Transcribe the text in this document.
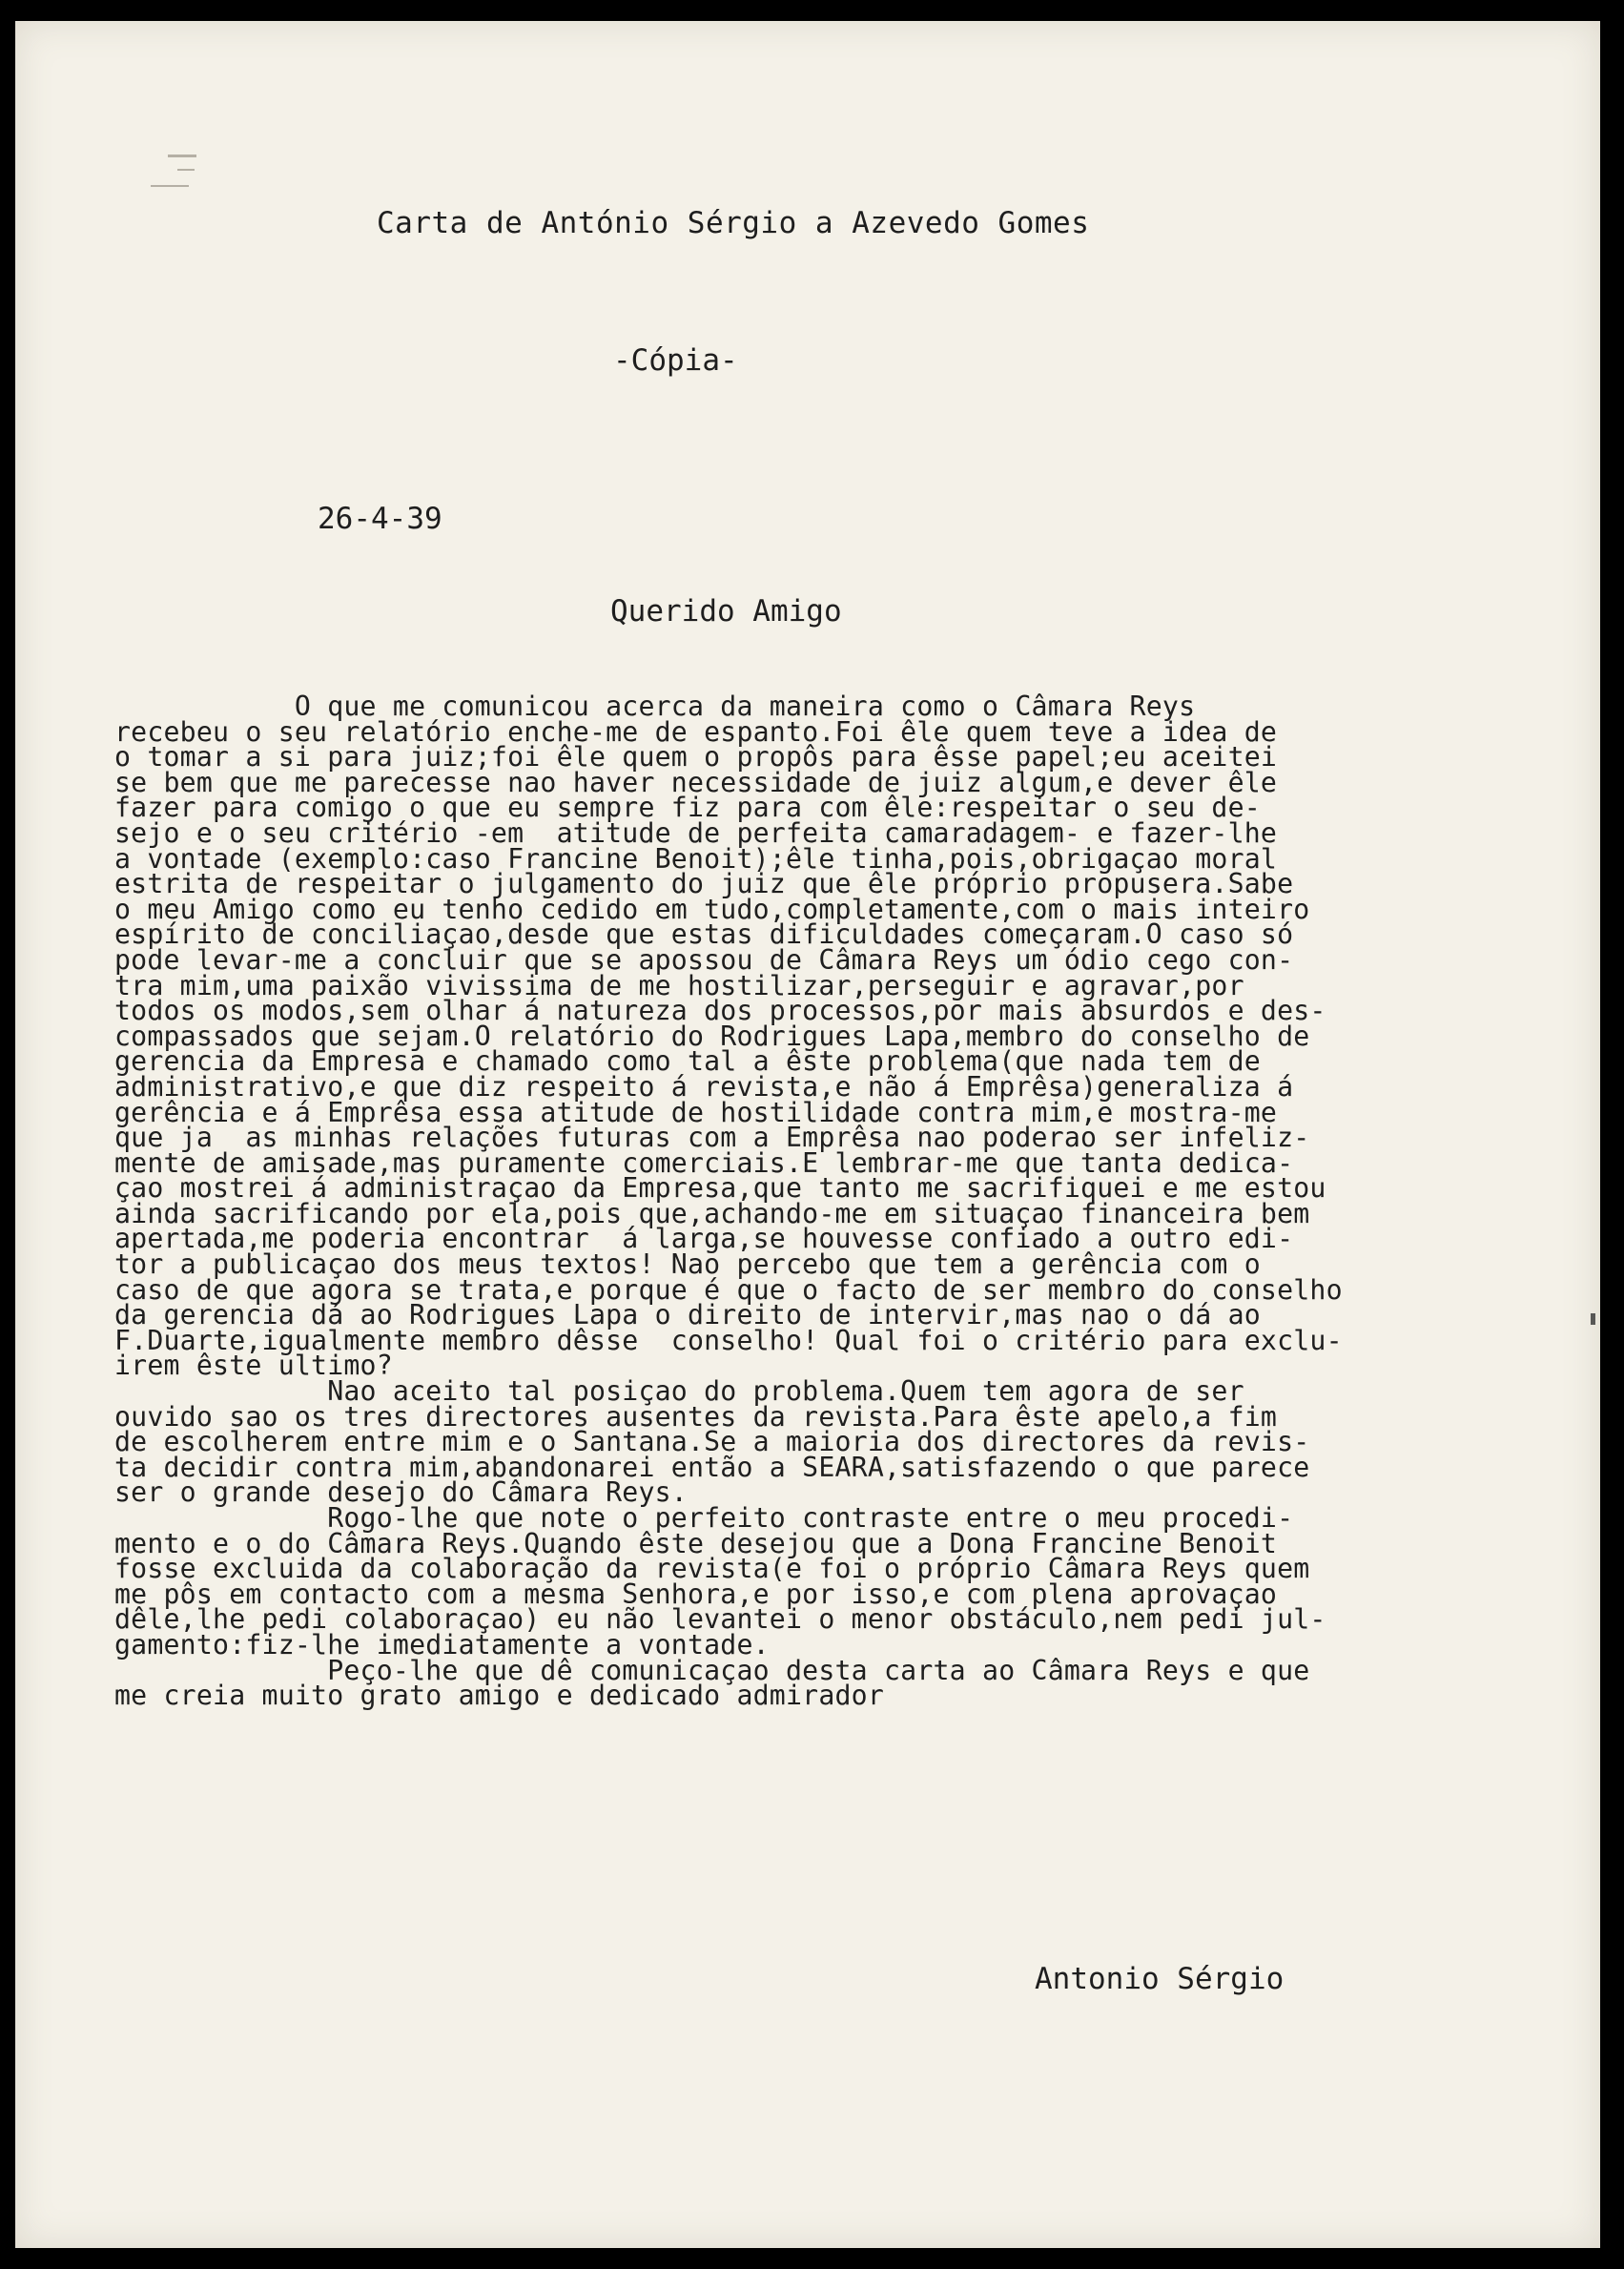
Carta de António Sérgio a Azevedo Gomes
-Cópia-
26-4-39
Querido Amigo
O que me comunicou acerca da maneira como o Câmara Reys
recebeu o seu relatório enche-me de espanto.Foi êle quem teve a idea de
o tomar a si para juiz;foi êle quem o propôs para êsse papel;eu aceitei
se bem que me parecesse nao haver necessidade de juiz algum,e dever êle
fazer para comigo o que eu sempre fiz para com êle:respeitar o seu de-
sejo e o seu critério -em  atitude de perfeita camaradagem- e fazer-lhe
a vontade (exemplo:caso Francine Benoit);êle tinha,pois,obrigaçao moral
estrita de respeitar o julgamento do juiz que êle próprio propusera.Sabe
o meu Amigo como eu tenho cedido em tudo,completamente,com o mais inteiro
espírito de conciliaçao,desde que estas dificuldades começaram.O caso só
pode levar-me a concluir que se apossou de Câmara Reys um ódio cego con-
tra mim,uma paixão vivissima de me hostilizar,perseguir e agravar,por
todos os modos,sem olhar á natureza dos processos,por mais absurdos e des-
compassados que sejam.O relatório do Rodrigues Lapa,membro do conselho de
gerencia da Empresa e chamado como tal a êste problema(que nada tem de
administrativo,e que diz respeito á revista,e não á Emprêsa)generaliza á
gerência e á Emprêsa essa atitude de hostilidade contra mim,e mostra-me
que ja  as minhas relações futuras com a Emprêsa nao poderao ser infeliz-
mente de amisade,mas puramente comerciais.E lembrar-me que tanta dedica-
çao mostrei á administraçao da Empresa,que tanto me sacrifiquei e me estou
ainda sacrificando por ela,pois que,achando-me em situaçao financeira bem
apertada,me poderia encontrar  á larga,se houvesse confiado a outro edi-
tor a publicaçao dos meus textos! Nao percebo que tem a gerência com o
caso de que agora se trata,e porque é que o facto de ser membro do conselho
da gerencia dá ao Rodrigues Lapa o direito de intervir,mas nao o dá ao
F.Duarte,igualmente membro dêsse  conselho! Qual foi o critério para exclu-
irem êste ultimo?
Nao aceito tal posiçao do problema.Quem tem agora de ser
ouvido sao os tres directores ausentes da revista.Para êste apelo,a fim
de escolherem entre mim e o Santana.Se a maioria dos directores da revis-
ta decidir contra mim,abandonarei então a SEARA,satisfazendo o que parece
ser o grande desejo do Câmara Reys.
Rogo-lhe que note o perfeito contraste entre o meu procedi-
mento e o do Câmara Reys.Quando êste desejou que a Dona Francine Benoit
fosse excluida da colaboração da revista(e foi o próprio Câmara Reys quem
me pôs em contacto com a mesma Senhora,e por isso,e com plena aprovaçao
dêle,lhe pedi colaboraçao) eu não levantei o menor obstáculo,nem pedi jul-
gamento:fiz-lhe imediatamente a vontade.
Peço-lhe que dê comunicaçao desta carta ao Câmara Reys e que
me creia muito grato amigo e dedicado admirador
Antonio Sérgio
